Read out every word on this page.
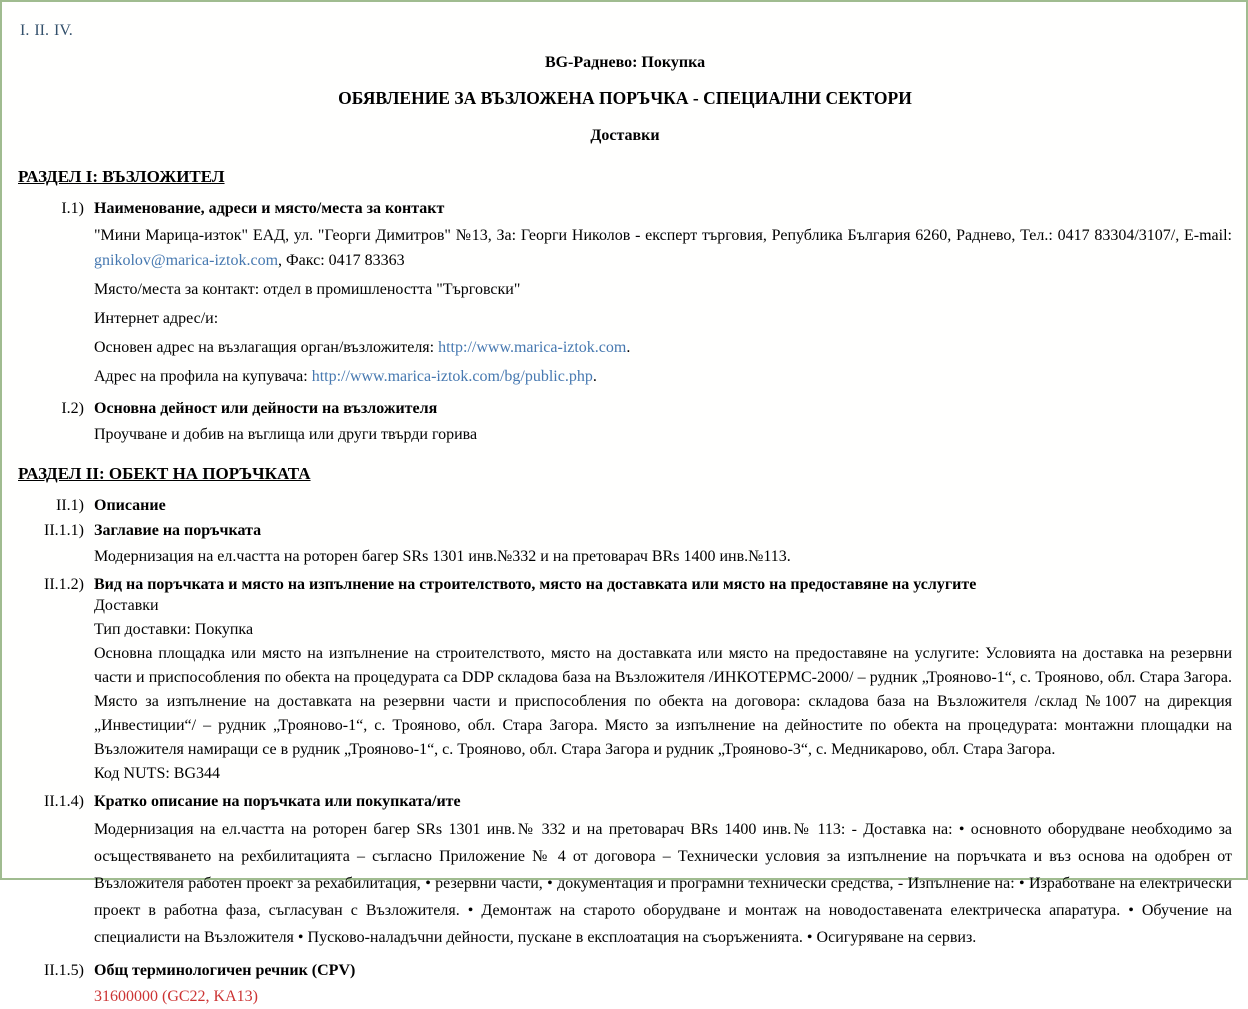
I. II. IV.
BG-Раднево: Покупка
ОБЯВЛЕНИЕ ЗА ВЪЗЛОЖЕНА ПОРЪЧКА - СПЕЦИАЛНИ СЕКТОРИ
Доставки
РАЗДЕЛ I: ВЪЗЛОЖИТЕЛ
I.1) Наименование, адреси и място/места за контакт

"Мини Марица-изток" ЕАД, ул. "Георги Димитров" №13, За: Георги Николов - експерт търговия, Република България 6260, Раднево, Тел.: 0417 83304/3107/, E-mail: gnikolov@marica-iztok.com, Факс: 0417 83363

Място/места за контакт: отдел в промишлеността "Търговски"

Интернет адрес/и:

Основен адрес на възлагащия орган/възложителя: http://www.marica-iztok.com.

Адрес на профила на купувача: http://www.marica-iztok.com/bg/public.php.

I.2) Основна дейност или дейности на възложителя

Проучване и добив на въглища или други твърди горива

РАЗДЕЛ II: ОБЕКТ НА ПОРЪЧКАТА
II.1) Описание
II.1.1) Заглавие на поръчката

Модернизация на ел.частта на роторен багер SRs 1301 инв.№332 и на претоварач BRs 1400 инв.№113.

II.1.2) Вид на поръчката и място на изпълнение на строителството, място на доставката или място на предоставяне на услугите

Доставки

Тип доставки: Покупка

Основна площадка или място на изпълнение на строителството, място на доставката или място на предоставяне на услугите: Условията на доставка на резервни части и приспособления по обекта на процедурата са DDP складова база на Възложителя /ИНКОТЕРМС-2000/ – рудник „Трояново-1“, с. Трояново, обл. Стара Загора. Място за изпълнение на доставката на резервни части и приспособления по обекта на договора: складова база на Възложителя /склад №1007 на дирекция „Инвестиции“/ – рудник „Трояново-1“, с. Трояново, обл. Стара Загора. Място за изпълнение на дейностите по обекта на процедурата: монтажни площадки на Възложителя намиращи се в рудник „Трояново-1“, с. Трояново, обл. Стара Загора и рудник „Трояново-3“, с. Медникарово, обл. Стара Загора.

Код NUTS: BG344

II.1.4) Кратко описание на поръчката или покупката/ите

Модернизация на ел.частта на роторен багер SRs 1301 инв.№ 332 и на претоварач BRs 1400 инв.№ 113: - Доставка на: • основното оборудване необходимо за осъществяването на рехбилитацията – съгласно Приложение № 4 от договора – Технически условия за изпълнение на поръчката и въз основа на одобрен от Възложителя работен проект за рехабилитация, • резервни части, • документация и програмни технически средства, - Изпълнение на: • Изработване на електрически проект в работна фаза, съгласуван с Възложителя. • Демонтаж на старото оборудване и монтаж на новодоставената електрическа апаратура. • Обучение на специалисти на Възложителя • Пусково-наладъчни дейности, пускане в експлоатация на съоръженията. • Осигуряване на сервиз.

II.1.5) Общ терминологичен речник (CPV)

31600000 (GC22, KA13)
